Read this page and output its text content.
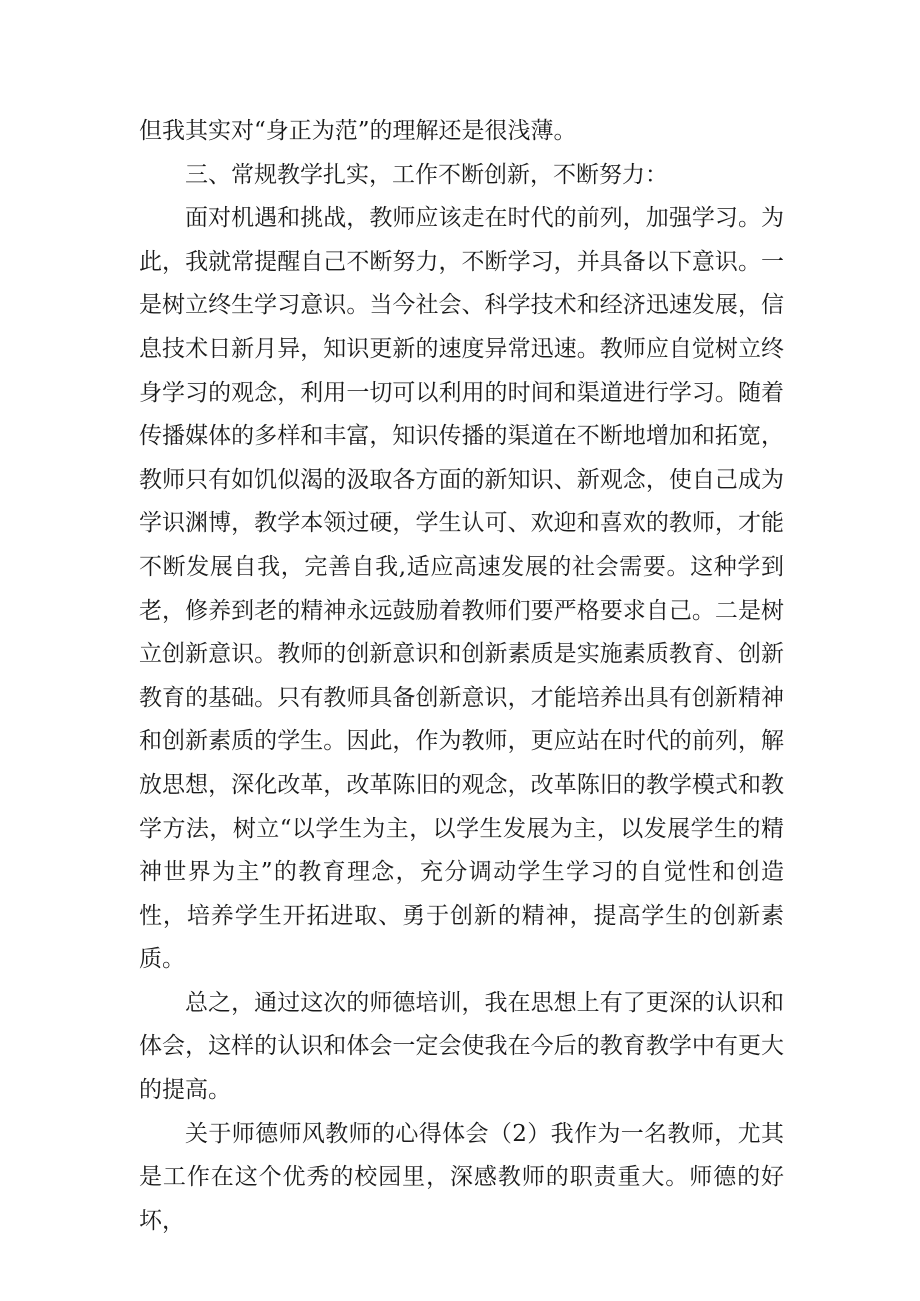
但我其实对“身正为范”的理解还是很浅薄。

三、常规教学扎实，工作不断创新，不断努力：

面对机遇和挑战，教师应该走在时代的前列，加强学习。为此，我就常提醒自己不断努力，不断学习，并具备以下意识。一是树立终生学习意识。当今社会、科学技术和经济迅速发展，信息技术日新月异，知识更新的速度异常迅速。教师应自觉树立终身学习的观念，利用一切可以利用的时间和渠道进行学习。随着传播媒体的多样和丰富，知识传播的渠道在不断地增加和拓宽，教师只有如饥似渴的汲取各方面的新知识、新观念，使自己成为学识渊博，教学本领过硬，学生认可、欢迎和喜欢的教师，才能不断发展自我，完善自我,适应高速发展的社会需要。这种学到老，修养到老的精神永远鼓励着教师们要严格要求自己。二是树立创新意识。教师的创新意识和创新素质是实施素质教育、创新教育的基础。只有教师具备创新意识，才能培养出具有创新精神和创新素质的学生。因此，作为教师，更应站在时代的前列，解放思想，深化改革，改革陈旧的观念，改革陈旧的教学模式和教学方法，树立“以学生为主，以学生发展为主，以发展学生的精神世界为主”的教育理念，充分调动学生学习的自觉性和创造性，培养学生开拓进取、勇于创新的精神，提高学生的创新素质。

总之，通过这次的师德培训，我在思想上有了更深的认识和体会，这样的认识和体会一定会使我在今后的教育教学中有更大的提高。

关于师德师风教师的心得体会（2）我作为一名教师，尤其是工作在这个优秀的校园里，深感教师的职责重大。师德的好坏，
